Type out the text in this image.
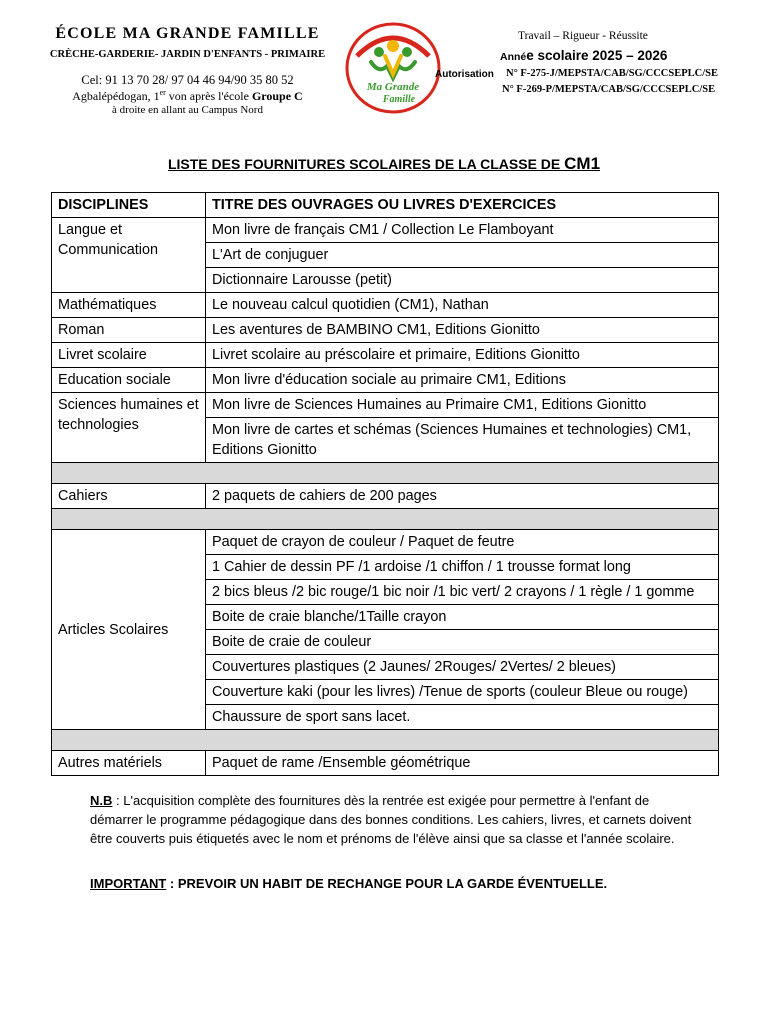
ÉCOLE MA GRANDE FAMILLE
CRÈCHE-GARDERIE- JARDIN D'ENFANTS - PRIMAIRE
Cel: 91 13 70 28/ 97 04 46 94/90 35 80 52
Agbalépédogan, 1er von après l'école Groupe C
à droite en allant au Campus Nord
Ma Grande
Famille
Travail – Rigueur - Réussite
Année scolaire 2025 – 2026
Autorisation N° F-275-J/MEPSTA/CAB/SG/CCCSEPLC/SE
N° F-269-P/MEPSTA/CAB/SG/CCCSEPLC/SE
LISTE DES FOURNITURES SCOLAIRES DE LA CLASSE DE CM1
DISCIPLINES	TITRE DES OUVRAGES OU LIVRES D'EXERCICES
Langue et Communication	Mon livre de français CM1 / Collection Le Flamboyant
	L'Art de conjuguer
	Dictionnaire Larousse (petit)
Mathématiques	Le nouveau calcul quotidien (CM1), Nathan
Roman	Les aventures de BAMBINO CM1, Editions Gionitto
Livret scolaire	Livret scolaire au préscolaire et primaire, Editions Gionitto
Education sociale	Mon livre d'éducation sociale au primaire CM1, Editions
Sciences humaines et technologies	Mon livre de Sciences Humaines au Primaire CM1, Editions Gionitto
	Mon livre de cartes et schémas (Sciences Humaines et technologies) CM1, Editions Gionitto

Cahiers	2 paquets de cahiers de 200 pages

Articles Scolaires	Paquet de crayon de couleur / Paquet de feutre
	1 Cahier de dessin PF /1 ardoise /1 chiffon / 1 trousse format long
	2 bics bleus /2 bic rouge/1 bic noir /1 bic vert/ 2 crayons / 1 règle / 1 gomme
	Boite de craie blanche/1Taille crayon
	Boite de craie de couleur
	Couvertures plastiques (2 Jaunes/ 2Rouges/ 2Vertes/ 2 bleues)
	Couverture kaki (pour les livres) /Tenue de sports (couleur Bleue ou rouge)
	Chaussure de sport sans lacet.

Autres matériels	Paquet de rame /Ensemble géométrique
N.B : L'acquisition complète des fournitures dès la rentrée est exigée pour permettre à l'enfant de démarrer le programme pédagogique dans des bonnes conditions. Les cahiers, livres, et carnets doivent être couverts puis étiquetés avec le nom et prénoms de l'élève ainsi que sa classe et l'année scolaire.
IMPORTANT : PREVOIR UN HABIT DE RECHANGE POUR LA GARDE ÉVENTUELLE.
